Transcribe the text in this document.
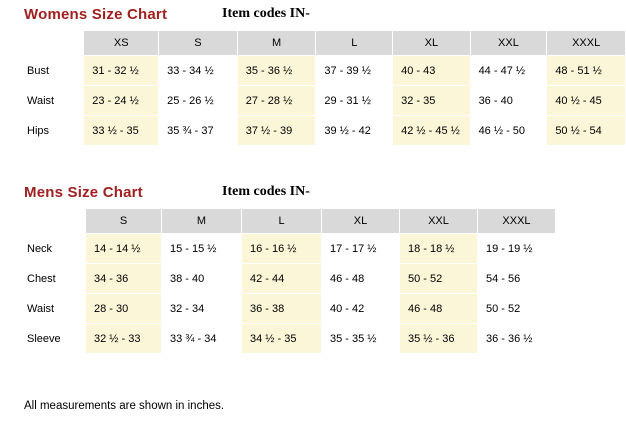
Womens Size Chart	Item codes IN-
	XS	S	M	L	XL	XXL	XXXL
Bust	31 - 32 ½	33 - 34 ½	35 - 36 ½	37 - 39 ½	40 - 43	44 - 47 ½	48 - 51 ½
Waist	23 - 24 ½	25 - 26 ½	27 - 28 ½	29 - 31 ½	32 - 35	36 - 40	40 ½ - 45
Hips	33 ½ - 35	35 ¾ - 37	37 ½ - 39	39 ½ - 42	42 ½ - 45 ½	46 ½ - 50	50 ½ - 54
Mens Size Chart	Item codes IN-
	S	M	L	XL	XXL	XXXL
Neck	14 - 14 ½	15 - 15 ½	16 - 16 ½	17 - 17 ½	18 - 18 ½	19 - 19 ½
Chest	34 - 36	38 - 40	42 - 44	46 - 48	50 - 52	54 - 56
Waist	28 - 30	32 - 34	36 - 38	40 - 42	46 - 48	50 - 52
Sleeve	32 ½ - 33	33 ¾ - 34	34 ½ - 35	35 - 35 ½	35 ½ - 36	36 - 36 ½
All measurements are shown in inches.
